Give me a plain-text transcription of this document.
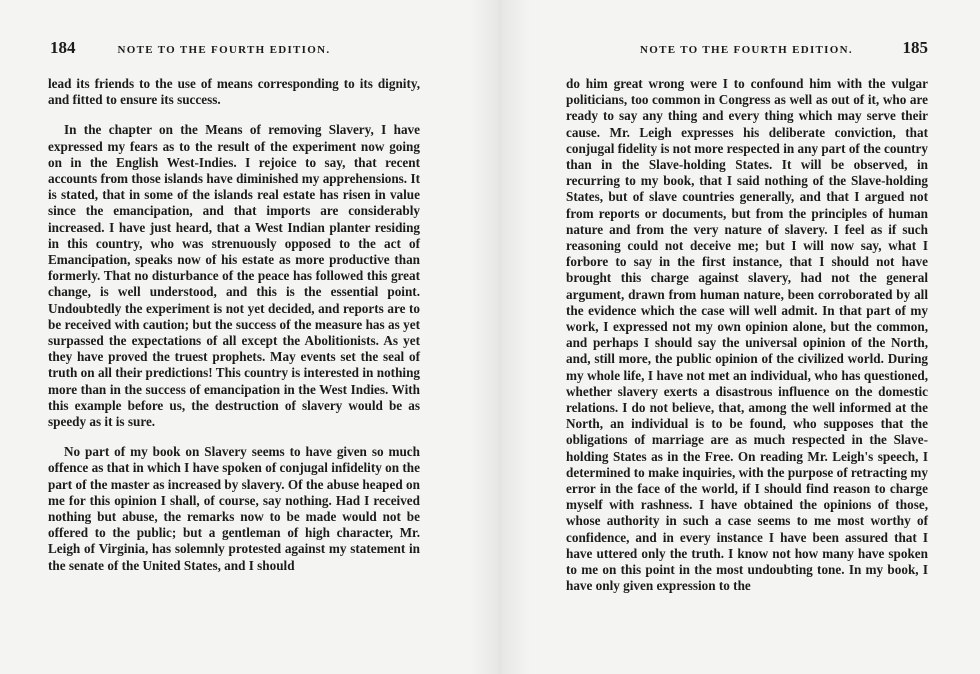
184	NOTE TO THE FOURTH EDITION.

lead its friends to the use of means corresponding to its dignity, and fitted to ensure its success.

In the chapter on the Means of removing Slavery, I have expressed my fears as to the result of the experiment now going on in the English West-Indies. I rejoice to say, that recent accounts from those islands have diminished my apprehensions. It is stated, that in some of the islands real estate has risen in value since the emancipation, and that imports are considerably increased. I have just heard, that a West Indian planter residing in this country, who was strenuously opposed to the act of Emancipation, speaks now of his estate as more productive than formerly. That no disturbance of the peace has followed this great change, is well understood, and this is the essential point. Undoubtedly the experiment is not yet decided, and reports are to be received with caution; but the success of the measure has as yet surpassed the expectations of all except the Abolitionists. As yet they have proved the truest prophets. May events set the seal of truth on all their predictions! This country is interested in nothing more than in the success of emancipation in the West Indies. With this example before us, the destruction of slavery would be as speedy as it is sure.

No part of my book on Slavery seems to have given so much offence as that in which I have spoken of conjugal infidelity on the part of the master as increased by slavery. Of the abuse heaped on me for this opinion I shall, of course, say nothing. Had I received nothing but abuse, the remarks now to be made would not be offered to the public; but a gentleman of high character, Mr. Leigh of Virginia, has solemnly protested against my statement in the senate of the United States, and I should

NOTE TO THE FOURTH EDITION.	185

do him great wrong were I to confound him with the vulgar politicians, too common in Congress as well as out of it, who are ready to say any thing and every thing which may serve their cause. Mr. Leigh expresses his deliberate conviction, that conjugal fidelity is not more respected in any part of the country than in the Slave-holding States. It will be observed, in recurring to my book, that I said nothing of the Slave-holding States, but of slave countries generally, and that I argued not from reports or documents, but from the principles of human nature and from the very nature of slavery. I feel as if such reasoning could not deceive me; but I will now say, what I forbore to say in the first instance, that I should not have brought this charge against slavery, had not the general argument, drawn from human nature, been corroborated by all the evidence which the case will well admit. In that part of my work, I expressed not my own opinion alone, but the common, and perhaps I should say the universal opinion of the North, and, still more, the public opinion of the civilized world. During my whole life, I have not met an individual, who has questioned, whether slavery exerts a disastrous influence on the domestic relations. I do not believe, that, among the well informed at the North, an individual is to be found, who supposes that the obligations of marriage are as much respected in the Slave-holding States as in the Free. On reading Mr. Leigh's speech, I determined to make inquiries, with the purpose of retracting my error in the face of the world, if I should find reason to charge myself with rashness. I have obtained the opinions of those, whose authority in such a case seems to me most worthy of confidence, and in every instance I have been assured that I have uttered only the truth. I know not how many have spoken to me on this point in the most undoubting tone. In my book, I have only given expression to the
